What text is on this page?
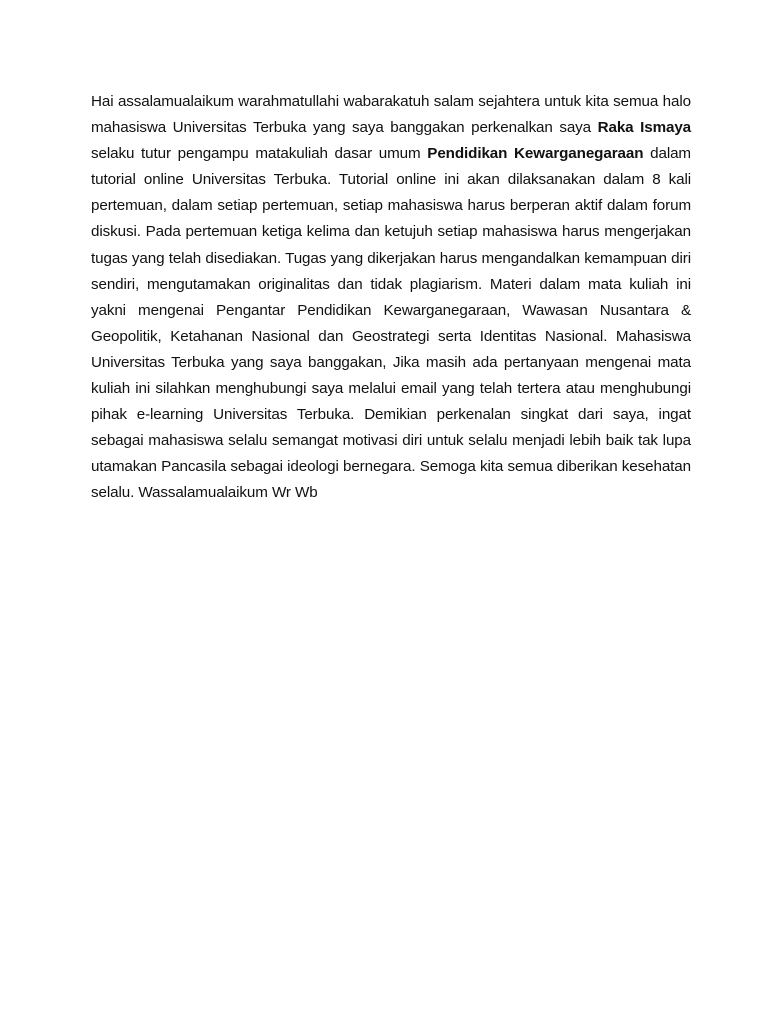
Hai assalamualaikum warahmatullahi wabarakatuh salam sejahtera untuk kita semua halo mahasiswa Universitas Terbuka yang saya banggakan perkenalkan saya Raka Ismaya selaku tutur pengampu matakuliah dasar umum Pendidikan Kewarganegaraan dalam tutorial online Universitas Terbuka. Tutorial online ini akan dilaksanakan dalam 8 kali pertemuan, dalam setiap pertemuan, setiap mahasiswa harus berperan aktif dalam forum diskusi. Pada pertemuan ketiga kelima dan ketujuh setiap mahasiswa harus mengerjakan tugas yang telah disediakan. Tugas yang dikerjakan harus mengandalkan kemampuan diri sendiri, mengutamakan originalitas dan tidak plagiarism. Materi dalam mata kuliah ini yakni mengenai Pengantar Pendidikan Kewarganegaraan, Wawasan Nusantara & Geopolitik, Ketahanan Nasional dan Geostrategi serta Identitas Nasional. Mahasiswa Universitas Terbuka yang saya banggakan, Jika masih ada pertanyaan mengenai mata kuliah ini silahkan menghubungi saya melalui email yang telah tertera atau menghubungi pihak e-learning Universitas Terbuka. Demikian perkenalan singkat dari saya, ingat sebagai mahasiswa selalu semangat motivasi diri untuk selalu menjadi lebih baik tak lupa utamakan Pancasila sebagai ideologi bernegara. Semoga kita semua diberikan kesehatan selalu. Wassalamualaikum Wr Wb
